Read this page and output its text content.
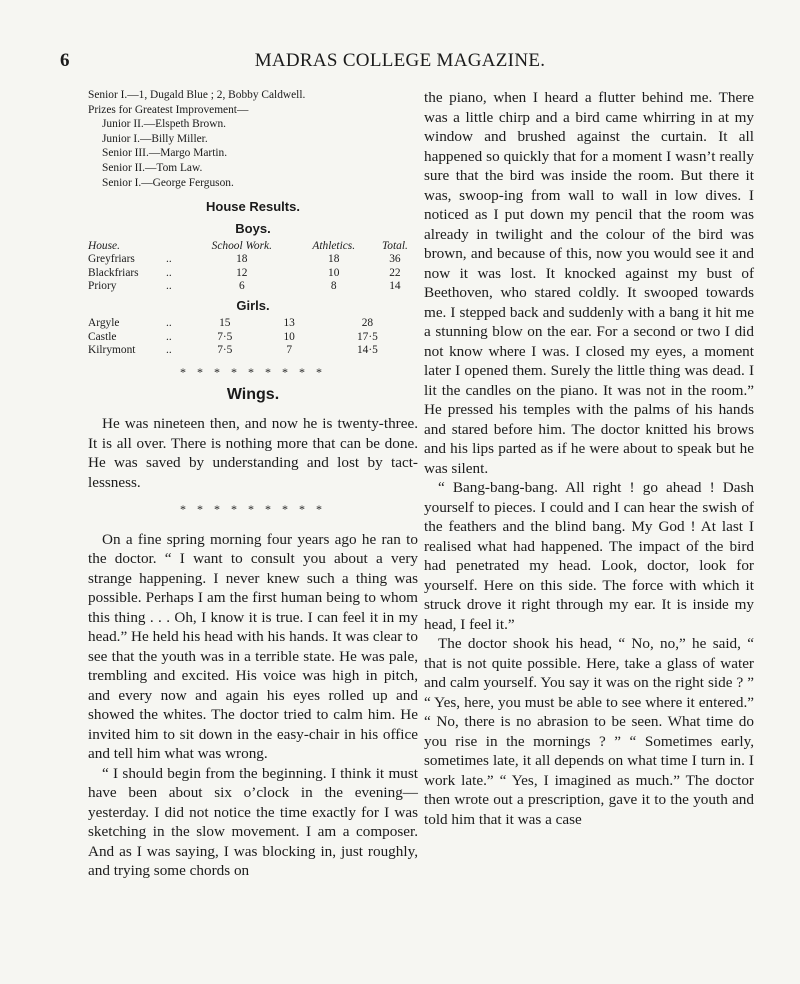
6	MADRAS COLLEGE MAGAZINE.
Senior I.—1, Dugald Blue ; 2, Bobby Caldwell.
Prizes for Greatest Improvement—
Junior II.—Elspeth Brown.
Junior I.—Billy Miller.
Senior III.—Margo Martin.
Senior II.—Tom Law.
Senior I.—George Ferguson.
House Results.
Boys.
House.		School Work.	Athletics.	Total.
Greyfriars	..	18	18	36
Blackfriars	..	12	10	22
Priory	..	6	8	14
Girls.
Argyle	..	15	13	28
Castle	..	7·5	10	17·5
Kilrymont	..	7·5	7	14·5
* * * * * * * * *
Wings.

He was nineteen then, and now he is twenty-three. It is all over. There is nothing more that can be done. He was saved by understanding and lost by tact-lessness.

* * * * * * * * *

On a fine spring morning four years ago he ran to the doctor. “ I want to consult you about a very strange happening. I never knew such a thing was possible. Perhaps I am the first human being to whom this thing . . . Oh, I know it is true. I can feel it in my head.” He held his head with his hands. It was clear to see that the youth was in a terrible state. He was pale, trembling and excited. His voice was high in pitch, and every now and again his eyes rolled up and showed the whites. The doctor tried to calm him. He invited him to sit down in the easy-chair in his office and tell him what was wrong.

“ I should begin from the beginning. I think it must have been about six o’clock in the evening—yesterday. I did not notice the time exactly for I was sketching in the slow movement. I am a composer. And as I was saying, I was blocking in, just roughly, and trying some chords on

the piano, when I heard a flutter behind me. There was a little chirp and a bird came whirring in at my window and brushed against the curtain. It all happened so quickly that for a moment I wasn’t really sure that the bird was inside the room. But there it was, swoop-ing from wall to wall in low dives. I noticed as I put down my pencil that the room was already in twilight and the colour of the bird was brown, and because of this, now you would see it and now it was lost. It knocked against my bust of Beethoven, who stared coldly. It swooped towards me. I stepped back and suddenly with a bang it hit me a stunning blow on the ear. For a second or two I did not know where I was. I closed my eyes, a moment later I opened them. Surely the little thing was dead. I lit the candles on the piano. It was not in the room.” He pressed his temples with the palms of his hands and stared before him. The doctor knitted his brows and his lips parted as if he were about to speak but he was silent.

“ Bang-bang-bang. All right ! go ahead ! Dash yourself to pieces. I could and I can hear the swish of the feathers and the blind bang. My God ! At last I realised what had happened. The impact of the bird had penetrated my head. Look, doctor, look for yourself. Here on this side. The force with which it struck drove it right through my ear. It is inside my head, I feel it.”

The doctor shook his head, “ No, no,” he said, “ that is not quite possible. Here, take a glass of water and calm yourself. You say it was on the right side ? ” “ Yes, here, you must be able to see where it entered.” “ No, there is no abrasion to be seen. What time do you rise in the mornings ? ” “ Sometimes early, sometimes late, it all depends on what time I turn in. I work late.” “ Yes, I imagined as much.” The doctor then wrote out a prescription, gave it to the youth and told him that it was a case
